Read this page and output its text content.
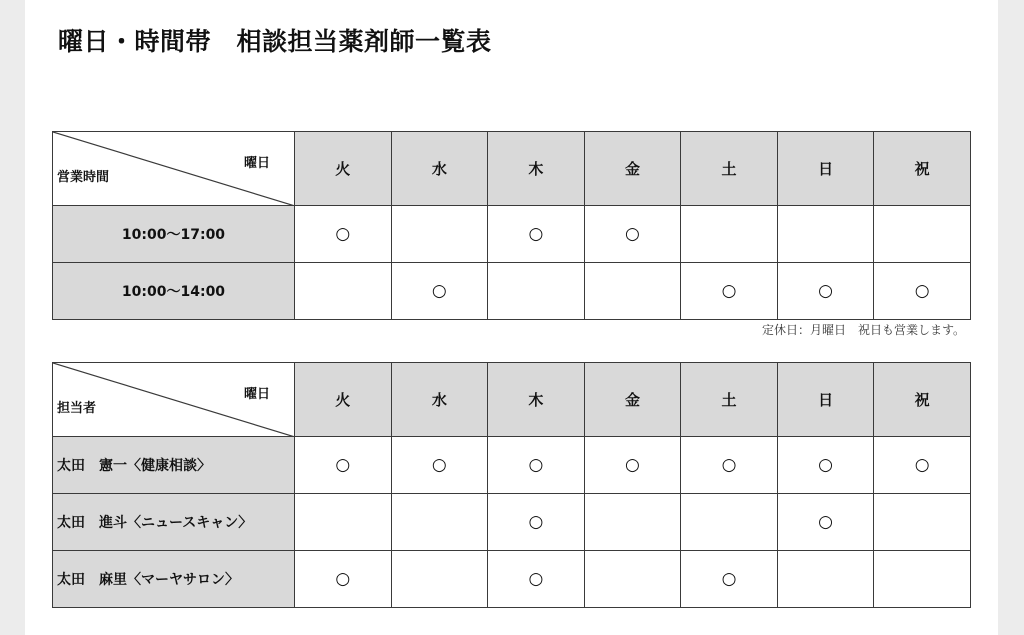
曜日・時間帯　相談担当薬剤師一覧表
曜日
営業時間	火	水	木	金	土	日	祝
10:00～17:00	○		○	○			
10:00～14:00		○			○	○	○
定休日：月曜日　祝日も営業します。
曜日
担当者	火	水	木	金	土	日	祝
太田　憲一〈健康相談〉	○	○	○	○	○	○	○
太田　進斗〈ニュースキャン〉			○			○	
太田　麻里〈マーヤサロン〉	○		○		○		
